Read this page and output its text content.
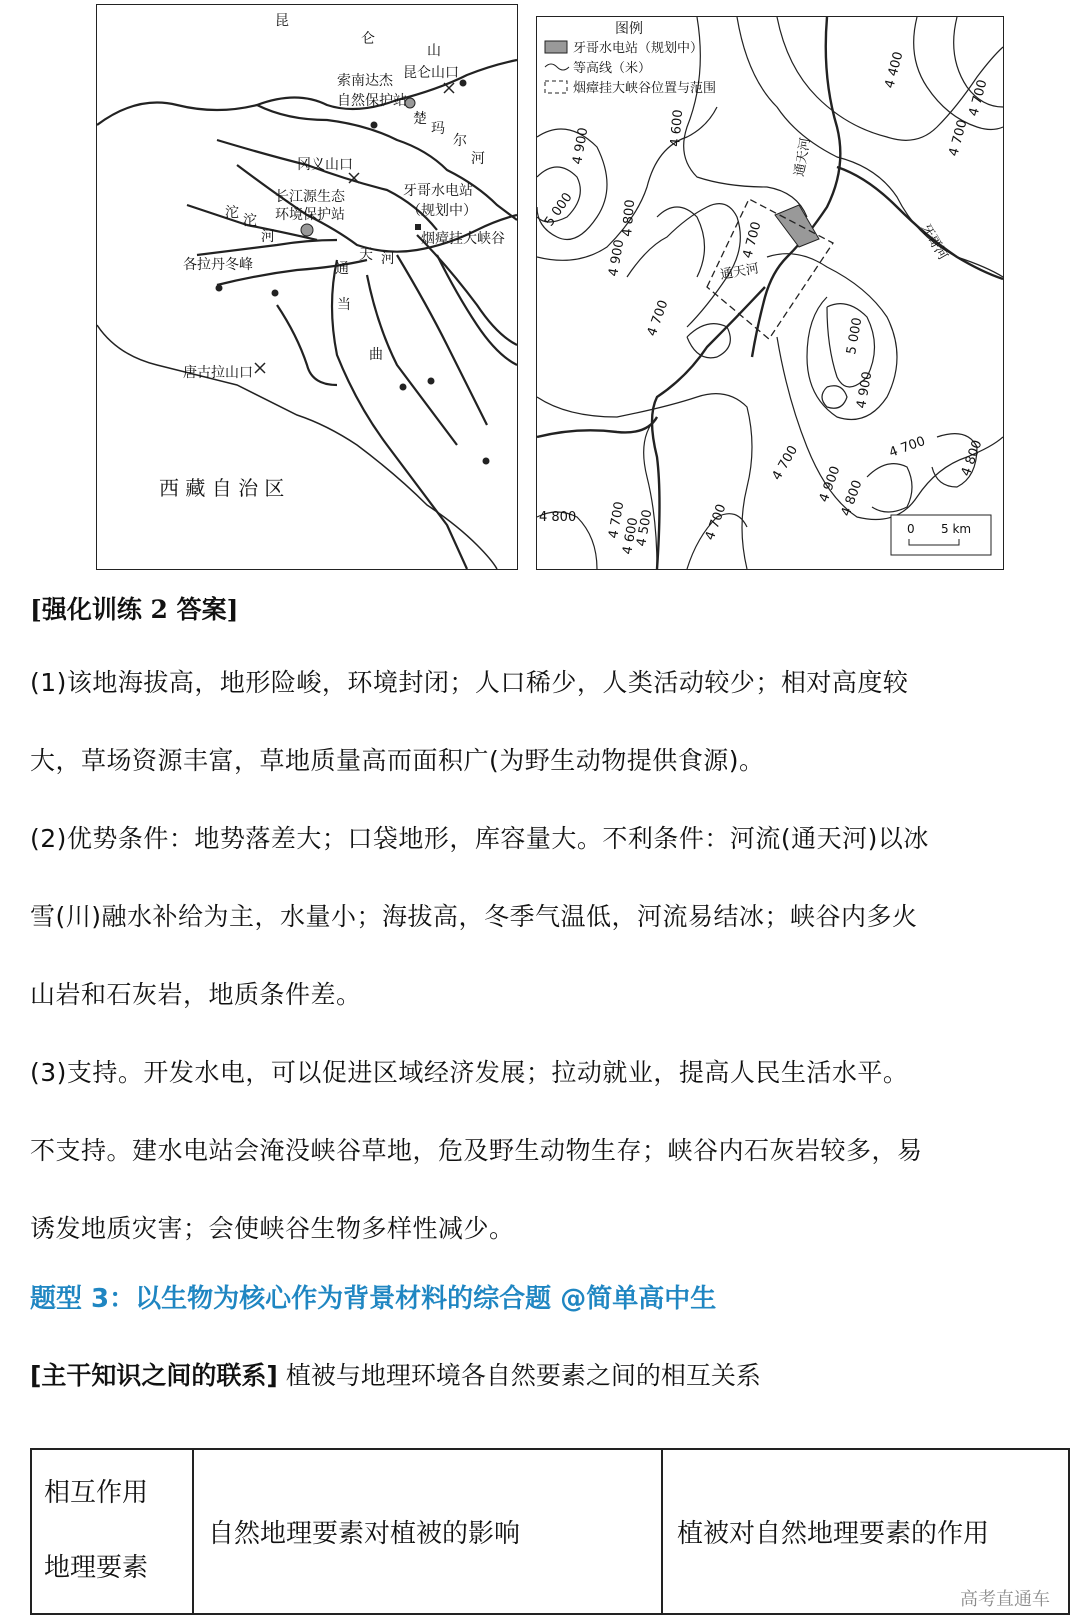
昆
仑
山
昆仑山口
索南达杰
自然保护站
楚
玛
尔
河
冈义山口
长江源生态
环境保护站
牙哥水电站
（规划中）
烟瘴挂大峡谷
沱 沱
河
各拉丹冬峰	通
天 河
当
曲
唐古拉山口
西 藏 自 治 区
图例
牙哥水电站（规划中）
等高线（米）
烟瘴挂大峡谷位置与范围
4 900
5 000	4 800
4 900
4 600
4 700
4 700
4 400
4 700
4 700
5 000
4 900
4 700
4 900
4 800
4 700 4 800
4 800 4 700
4 600
4 500	4 700
通天河
通天河
牙哥河
0 5 km
[强化训练 2 答案]
(1)该地海拔高，地形险峻，环境封闭；人口稀少，人类活动较少；相对高度较
大，草场资源丰富，草地质量高而面积广(为野生动物提供食源)。
(2)优势条件：地势落差大；口袋地形，库容量大。不利条件：河流(通天河)以冰
雪(川)融水补给为主，水量小；海拔高，冬季气温低，河流易结冰；峡谷内多火
山岩和石灰岩，地质条件差。
(3)支持。开发水电，可以促进区域经济发展；拉动就业，提高人民生活水平。
不支持。建水电站会淹没峡谷草地，危及野生动物生存；峡谷内石灰岩较多，易
诱发地质灾害；会使峡谷生物多样性减少。
题型 3：以生物为核心作为背景材料的综合题 @简单高中生
[主干知识之间的联系] 植被与地理环境各自然要素之间的相互关系
相互作用
地理要素
	自然地理要素对植被的影响	植被对自然地理要素的作用
高考直通车
